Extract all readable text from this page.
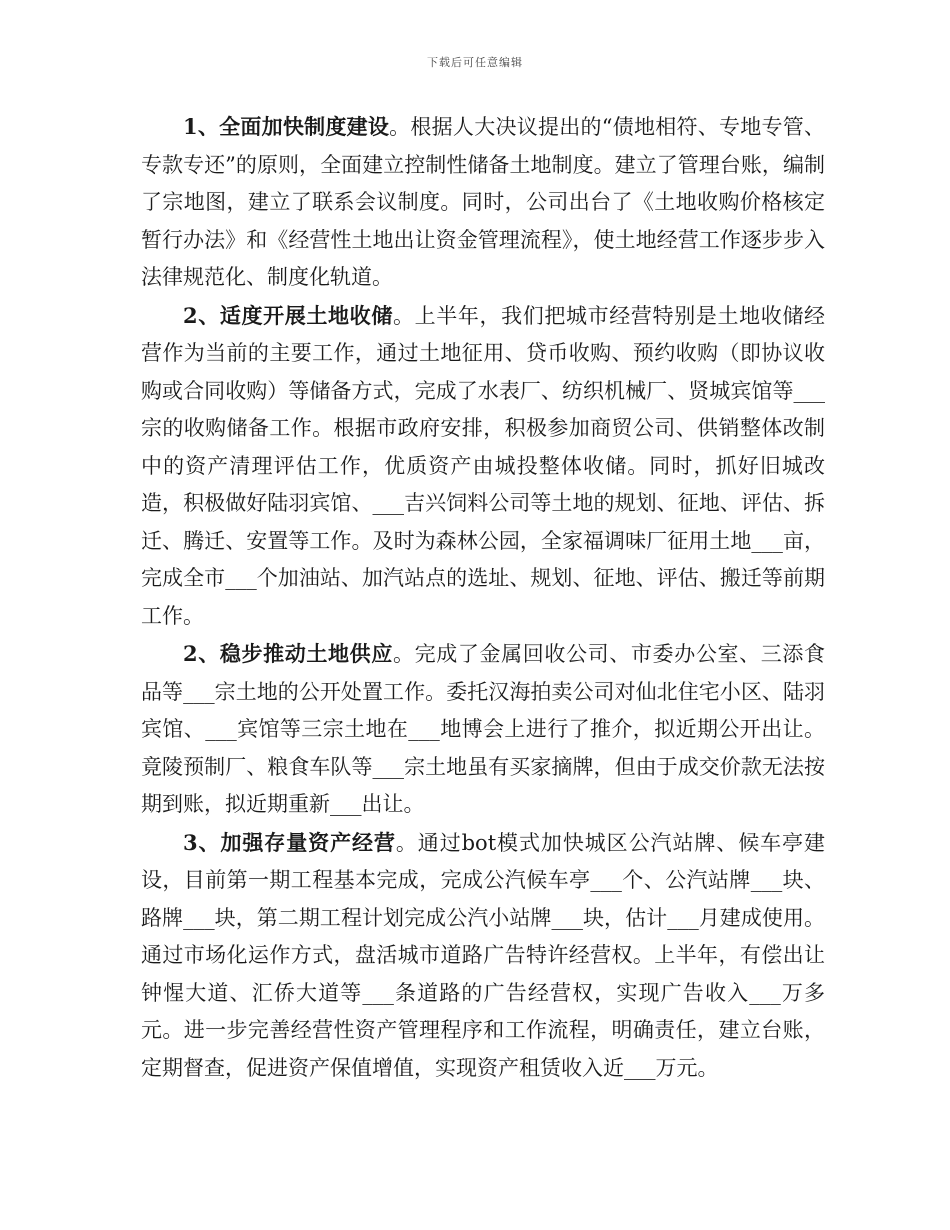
下载后可任意编辑

1、全面加快制度建设。根据人大决议提出的“债地相符、专地专管、专款专还”的原则，全面建立控制性储备土地制度。建立了管理台账，编制了宗地图，建立了联系会议制度。同时，公司出台了《土地收购价格核定暂行办法》和《经营性土地出让资金管理流程》，使土地经营工作逐步步入法律规范化、制度化轨道。

2、适度开展土地收储。上半年，我们把城市经营特别是土地收储经营作为当前的主要工作，通过土地征用、贷币收购、预约收购（即协议收购或合同收购）等储备方式，完成了水表厂、纺织机械厂、贤城宾馆等___宗的收购储备工作。根据市政府安排，积极参加商贸公司、供销整体改制中的资产清理评估工作，优质资产由城投整体收储。同时，抓好旧城改造，积极做好陆羽宾馆、___吉兴饲料公司等土地的规划、征地、评估、拆迁、腾迁、安置等工作。及时为森林公园，全家福调味厂征用土地___亩，完成全市___个加油站、加汽站点的选址、规划、征地、评估、搬迁等前期工作。

2、稳步推动土地供应。完成了金属回收公司、市委办公室、三添食品等___宗土地的公开处置工作。委托汉海拍卖公司对仙北住宅小区、陆羽宾馆、___宾馆等三宗土地在___地博会上进行了推介，拟近期公开出让。竟陵预制厂、粮食车队等___宗土地虽有买家摘牌，但由于成交价款无法按期到账，拟近期重新___出让。

3、加强存量资产经营。通过bot模式加快城区公汽站牌、候车亭建设，目前第一期工程基本完成，完成公汽候车亭___个、公汽站牌___块、路牌___块，第二期工程计划完成公汽小站牌___块，估计___月建成使用。通过市场化运作方式，盘活城市道路广告特许经营权。上半年，有偿出让钟惺大道、汇侨大道等___条道路的广告经营权，实现广告收入___万多元。进一步完善经营性资产管理程序和工作流程，明确责任，建立台账，定期督查，促进资产保值增值，实现资产租赁收入近___万元。
